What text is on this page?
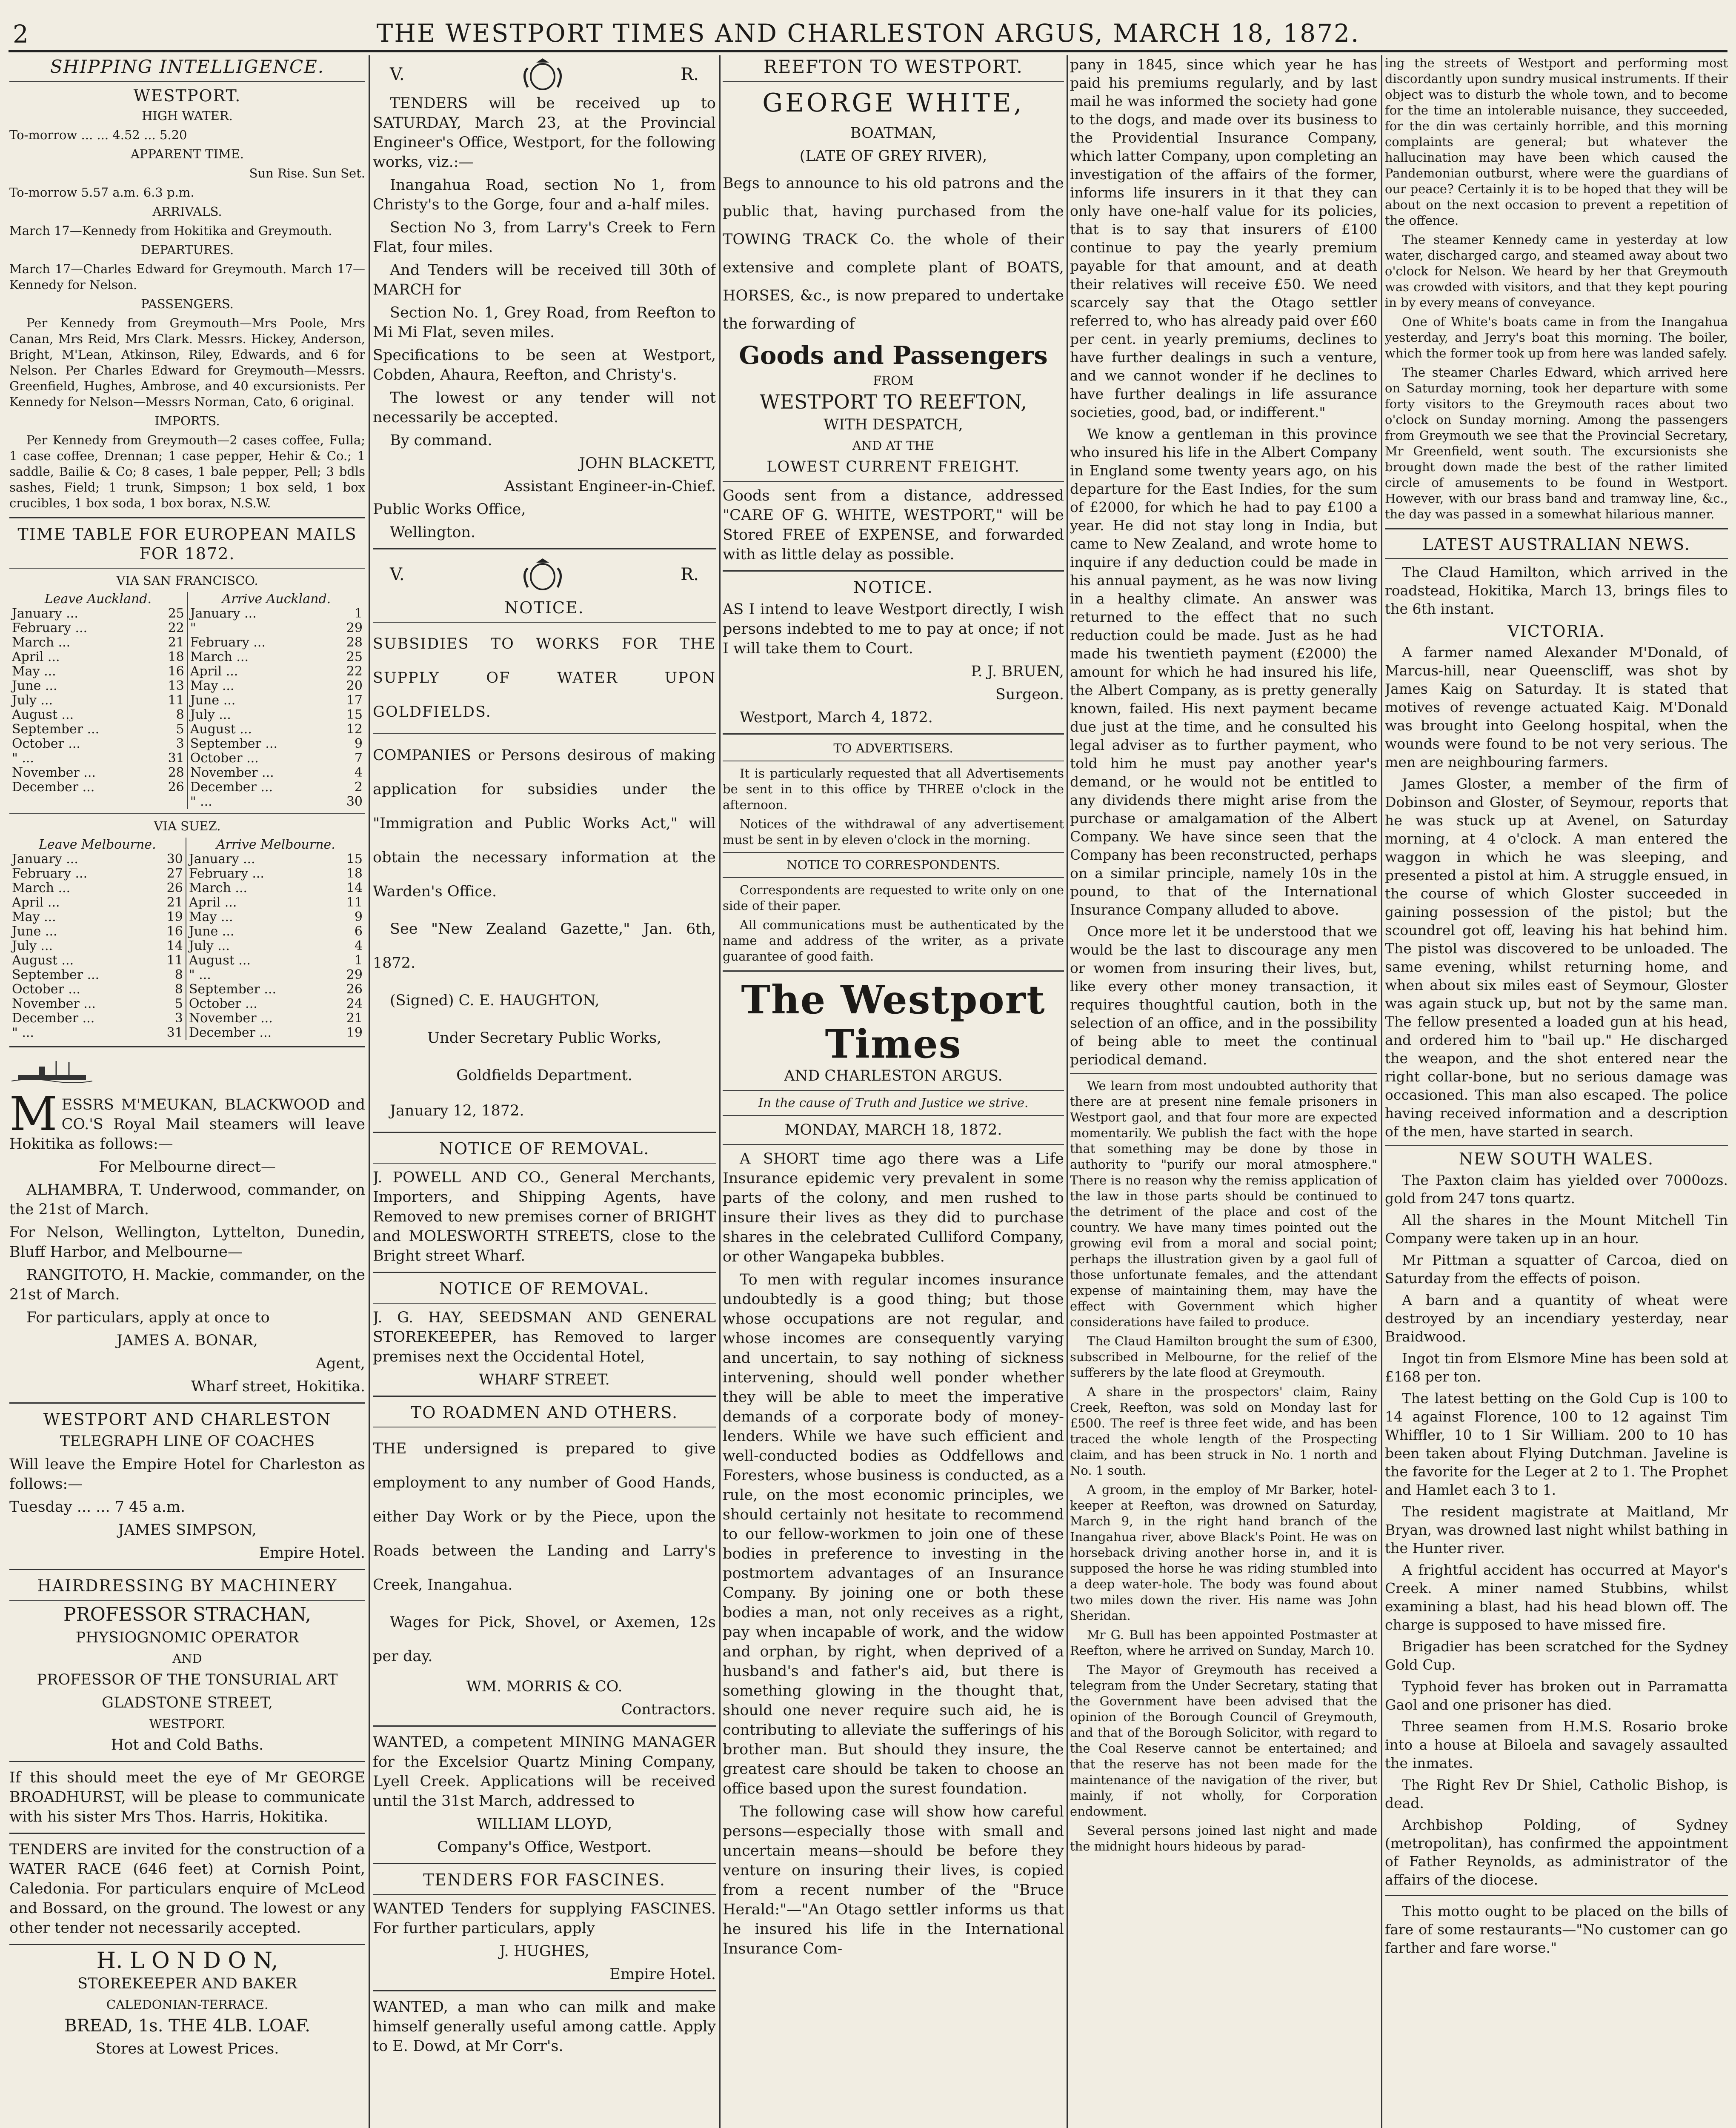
2	THE WESTPORT TIMES AND CHARLESTON ARGUS, MARCH 18, 1872.
SHIPPING INTELLIGENCE.
WESTPORT.

HIGH WATER.

To-morrow ... ... 4.52 ... 5.20

APPARENT TIME.

Sun Rise. Sun Set.

To-morrow 5.57 a.m. 6.3 p.m.

ARRIVALS.

March 17—Kennedy from Hokitika and Greymouth.

DEPARTURES.

March 17—Charles Edward for Greymouth. March 17—Kennedy for Nelson.

PASSENGERS.

Per Kennedy from Greymouth—Mrs Poole, Mrs Canan, Mrs Reid, Mrs Clark. Messrs. Hickey, Anderson, Bright, M'Lean, Atkinson, Riley, Edwards, and 6 for Nelson. Per Charles Edward for Greymouth—Messrs. Greenfield, Hughes, Ambrose, and 40 excursionists. Per Kennedy for Nelson—Messrs Norman, Cato, 6 original.

IMPORTS.

Per Kennedy from Greymouth—2 cases coffee, Fulla; 1 case coffee, Drennan; 1 case pepper, Hehir & Co.; 1 saddle, Bailie & Co; 8 cases, 1 bale pepper, Pell; 3 bdls sashes, Field; 1 trunk, Simpson; 1 box seld, 1 box crucibles, 1 box soda, 1 box borax, N.S.W.

TIME TABLE FOR EUROPEAN MAILS FOR 1872.

VIA SAN FRANCISCO.

Leave Auckland.		Arrive Auckland.	
January ...	25	January ...	1
February ...	22	"	29
March ...	21	February ...	28
April ...	18	March ...	25
May ...	16	April ...	22
June ...	13	May ...	20
July ...	11	June ...	17
August ...	8	July ...	15
September ...	5	August ...	12
October ...	3	September ...	9
" ...	31	October ...	7
November ...	28	November ...	4
December ...	26	December ...	2
		" ...	30

VIA SUEZ.

Leave Melbourne.		Arrive Melbourne.	
January ...	30	January ...	15
February ...	27	February ...	18
March ...	26	March ...	14
April ...	21	April ...	11
May ...	19	May ...	9
June ...	16	June ...	6
July ...	14	July ...	4
August ...	11	August ...	1
September ...	8	" ...	29
October ...	8	September ...	26
November ...	5	October ...	24
December ...	3	November ...	21
" ...	31	December ...	19

MESSRS M'MEUKAN, BLACKWOOD and CO.'S Royal Mail steamers will leave Hokitika as follows:—

For Melbourne direct—

ALHAMBRA, T. Underwood, commander, on the 21st of March.

For Nelson, Wellington, Lyttelton, Dunedin, Bluff Harbor, and Melbourne—

RANGITOTO, H. Mackie, commander, on the 21st of March.

For particulars, apply at once to

JAMES A. BONAR,

Agent,

Wharf street, Hokitika.

WESTPORT AND CHARLESTON

TELEGRAPH LINE OF COACHES

Will leave the Empire Hotel for Charleston as follows:—

Tuesday ... ... 7 45 a.m.

JAMES SIMPSON,

Empire Hotel.

HAIRDRESSING BY MACHINERY

PROFESSOR STRACHAN,

PHYSIOGNOMIC OPERATOR

AND

PROFESSOR OF THE TONSURIAL ART

GLADSTONE STREET,

WESTPORT.

Hot and Cold Baths.

If this should meet the eye of Mr GEORGE BROADHURST, will be please to communicate with his sister Mrs Thos. Harris, Hokitika.

TENDERS are invited for the construction of a WATER RACE (646 feet) at Cornish Point, Caledonia. For particulars enquire of McLeod and Bossard, on the ground. The lowest or any other tender not necessarily accepted.

H. L O N D O N,

STOREKEEPER AND BAKER

CALEDONIAN-TERRACE.

BREAD, 1s. THE 4LB. LOAF.

Stores at Lowest Prices.

V.	R.

TENDERS will be received up to SATURDAY, March 23, at the Provincial Engineer's Office, Westport, for the following works, viz.:—

Inangahua Road, section No 1, from Christy's to the Gorge, four and a-half miles.

Section No 3, from Larry's Creek to Fern Flat, four miles.

And Tenders will be received till 30th of MARCH for

Section No. 1, Grey Road, from Reefton to Mi Mi Flat, seven miles.

Specifications to be seen at Westport, Cobden, Ahaura, Reefton, and Christy's.

The lowest or any tender will not necessarily be accepted.

By command.

JOHN BLACKETT,

Assistant Engineer-in-Chief.

Public Works Office,

Wellington.

V.	R.
NOTICE.

SUBSIDIES TO WORKS FOR THE SUPPLY OF WATER UPON GOLDFIELDS.

COMPANIES or Persons desirous of making application for subsidies under the "Immigration and Public Works Act," will obtain the necessary information at the Warden's Office.

See "New Zealand Gazette," Jan. 6th, 1872.

(Signed) C. E. HAUGHTON,

Under Secretary Public Works,

Goldfields Department.

January 12, 1872.

NOTICE OF REMOVAL.

J. POWELL AND CO., General Merchants, Importers, and Shipping Agents, have Removed to new premises corner of BRIGHT and MOLESWORTH STREETS, close to the Bright street Wharf.

NOTICE OF REMOVAL.

J. G. HAY, SEEDSMAN AND GENERAL STOREKEEPER, has Removed to larger premises next the Occidental Hotel,

WHARF STREET.

TO ROADMEN AND OTHERS.

THE undersigned is prepared to give employment to any number of Good Hands, either Day Work or by the Piece, upon the Roads between the Landing and Larry's Creek, Inangahua.

Wages for Pick, Shovel, or Axemen, 12s per day.

WM. MORRIS & CO.

Contractors.

WANTED, a competent MINING MANAGER for the Excelsior Quartz Mining Company, Lyell Creek. Applications will be received until the 31st March, addressed to

WILLIAM LLOYD,

Company's Office, Westport.

TENDERS FOR FASCINES.

WANTED Tenders for supplying FASCINES. For further particulars, apply

J. HUGHES,

Empire Hotel.

WANTED, a man who can milk and make himself generally useful among cattle. Apply to E. Dowd, at Mr Corr's.

REEFTON TO WESTPORT.

GEORGE WHITE,

BOATMAN,

(LATE OF GREY RIVER),

Begs to announce to his old patrons and the public that, having purchased from the TOWING TRACK Co. the whole of their extensive and complete plant of BOATS, HORSES, &c., is now prepared to undertake the forwarding of

Goods and Passengers

FROM

WESTPORT TO REEFTON,

WITH DESPATCH,

AND AT THE

LOWEST CURRENT FREIGHT.

Goods sent from a distance, addressed "CARE OF G. WHITE, WESTPORT," will be Stored FREE of EXPENSE, and forwarded with as little delay as possible.

NOTICE.

AS I intend to leave Westport directly, I wish persons indebted to me to pay at once; if not I will take them to Court.

P. J. BRUEN,

Surgeon.

Westport, March 4, 1872.

TO ADVERTISERS.

It is particularly requested that all Advertisements be sent in to this office by THREE o'clock in the afternoon.

Notices of the withdrawal of any advertisement must be sent in by eleven o'clock in the morning.

NOTICE TO CORRESPONDENTS.

Correspondents are requested to write only on one side of their paper.

All communications must be authenticated by the name and address of the writer, as a private guarantee of good faith.

The Westport Times

AND CHARLESTON ARGUS.

In the cause of Truth and Justice we strive.

MONDAY, MARCH 18, 1872.

A SHORT time ago there was a Life Insurance epidemic very prevalent in some parts of the colony, and men rushed to insure their lives as they did to purchase shares in the celebrated Culliford Company, or other Wangapeka bubbles.

To men with regular incomes insurance undoubtedly is a good thing; but those whose occupations are not regular, and whose incomes are consequently varying and uncertain, to say nothing of sickness intervening, should well ponder whether they will be able to meet the imperative demands of a corporate body of money-lenders. While we have such efficient and well-conducted bodies as Oddfellows and Foresters, whose business is conducted, as a rule, on the most economic principles, we should certainly not hesitate to recommend to our fellow-workmen to join one of these bodies in preference to investing in the postmortem advantages of an Insurance Company. By joining one or both these bodies a man, not only receives as a right, pay when incapable of work, and the widow and orphan, by right, when deprived of a husband's and father's aid, but there is something glowing in the thought that, should one never require such aid, he is contributing to alleviate the sufferings of his brother man. But should they insure, the greatest care should be taken to choose an office based upon the surest foundation.

The following case will show how careful persons—especially those with small and uncertain means—should be before they venture on insuring their lives, is copied from a recent number of the "Bruce Herald:"—"An Otago settler informs us that he insured his life in the International Insurance Com-

pany in 1845, since which year he has paid his premiums regularly, and by last mail he was informed the society had gone to the dogs, and made over its business to the Providential Insurance Company, which latter Company, upon completing an investigation of the affairs of the former, informs life insurers in it that they can only have one-half value for its policies, that is to say that insurers of £100 continue to pay the yearly premium payable for that amount, and at death their relatives will receive £50. We need scarcely say that the Otago settler referred to, who has already paid over £60 per cent. in yearly premiums, declines to have further dealings in such a venture, and we cannot wonder if he declines to have further dealings in life assurance societies, good, bad, or indifferent."

We know a gentleman in this province who insured his life in the Albert Company in England some twenty years ago, on his departure for the East Indies, for the sum of £2000, for which he had to pay £100 a year. He did not stay long in India, but came to New Zealand, and wrote home to inquire if any deduction could be made in his annual payment, as he was now living in a healthy climate. An answer was returned to the effect that no such reduction could be made. Just as he had made his twentieth payment (£2000) the amount for which he had insured his life, the Albert Company, as is pretty generally known, failed. His next payment became due just at the time, and he consulted his legal adviser as to further payment, who told him he must pay another year's demand, or he would not be entitled to any dividends there might arise from the purchase or amalgamation of the Albert Company. We have since seen that the Company has been reconstructed, perhaps on a similar principle, namely 10s in the pound, to that of the International Insurance Company alluded to above.

Once more let it be understood that we would be the last to discourage any men or women from insuring their lives, but, like every other money transaction, it requires thoughtful caution, both in the selection of an office, and in the possibility of being able to meet the continual periodical demand.

We learn from most undoubted authority that there are at present nine female prisoners in Westport gaol, and that four more are expected momentarily. We publish the fact with the hope that something may be done by those in authority to "purify our moral atmosphere." There is no reason why the remiss application of the law in those parts should be continued to the detriment of the place and cost of the country. We have many times pointed out the growing evil from a moral and social point; perhaps the illustration given by a gaol full of those unfortunate females, and the attendant expense of maintaining them, may have the effect with Government which higher considerations have failed to produce.

The Claud Hamilton brought the sum of £300, subscribed in Melbourne, for the relief of the sufferers by the late flood at Greymouth.

A share in the prospectors' claim, Rainy Creek, Reefton, was sold on Monday last for £500. The reef is three feet wide, and has been traced the whole length of the Prospecting claim, and has been struck in No. 1 north and No. 1 south.

A groom, in the employ of Mr Barker, hotel-keeper at Reefton, was drowned on Saturday, March 9, in the right hand branch of the Inangahua river, above Black's Point. He was on horseback driving another horse in, and it is supposed the horse he was riding stumbled into a deep water-hole. The body was found about two miles down the river. His name was John Sheridan.

Mr G. Bull has been appointed Postmaster at Reefton, where he arrived on Sunday, March 10.

The Mayor of Greymouth has received a telegram from the Under Secretary, stating that the Government have been advised that the opinion of the Borough Council of Greymouth, and that of the Borough Solicitor, with regard to the Coal Reserve cannot be entertained; and that the reserve has not been made for the maintenance of the navigation of the river, but mainly, if not wholly, for Corporation endowment.

Several persons joined last night and made the midnight hours hideous by parad-

ing the streets of Westport and performing most discordantly upon sundry musical instruments. If their object was to disturb the whole town, and to become for the time an intolerable nuisance, they succeeded, for the din was certainly horrible, and this morning complaints are general; but whatever the hallucination may have been which caused the Pandemonian outburst, where were the guardians of our peace? Certainly it is to be hoped that they will be about on the next occasion to prevent a repetition of the offence.

The steamer Kennedy came in yesterday at low water, discharged cargo, and steamed away about two o'clock for Nelson. We heard by her that Greymouth was crowded with visitors, and that they kept pouring in by every means of conveyance.

One of White's boats came in from the Inangahua yesterday, and Jerry's boat this morning. The boiler, which the former took up from here was landed safely.

The steamer Charles Edward, which arrived here on Saturday morning, took her departure with some forty visitors to the Greymouth races about two o'clock on Sunday morning. Among the passengers from Greymouth we see that the Provincial Secretary, Mr Greenfield, went south. The excursionists she brought down made the best of the rather limited circle of amusements to be found in Westport. However, with our brass band and tramway line, &c., the day was passed in a somewhat hilarious manner.

LATEST AUSTRALIAN NEWS.

The Claud Hamilton, which arrived in the roadstead, Hokitika, March 13, brings files to the 6th instant.

VICTORIA.

A farmer named Alexander M'Donald, of Marcus-hill, near Queenscliff, was shot by James Kaig on Saturday. It is stated that motives of revenge actuated Kaig. M'Donald was brought into Geelong hospital, when the wounds were found to be not very serious. The men are neighbouring farmers.

James Gloster, a member of the firm of Dobinson and Gloster, of Seymour, reports that he was stuck up at Avenel, on Saturday morning, at 4 o'clock. A man entered the waggon in which he was sleeping, and presented a pistol at him. A struggle ensued, in the course of which Gloster succeeded in gaining possession of the pistol; but the scoundrel got off, leaving his hat behind him. The pistol was discovered to be unloaded. The same evening, whilst returning home, and when about six miles east of Seymour, Gloster was again stuck up, but not by the same man. The fellow presented a loaded gun at his head, and ordered him to "bail up." He discharged the weapon, and the shot entered near the right collar-bone, but no serious damage was occasioned. This man also escaped. The police having received information and a description of the men, have started in search.

NEW SOUTH WALES.

The Paxton claim has yielded over 7000ozs. gold from 247 tons quartz.

All the shares in the Mount Mitchell Tin Company were taken up in an hour.

Mr Pittman a squatter of Carcoa, died on Saturday from the effects of poison.

A barn and a quantity of wheat were destroyed by an incendiary yesterday, near Braidwood.

Ingot tin from Elsmore Mine has been sold at £168 per ton.

The latest betting on the Gold Cup is 100 to 14 against Florence, 100 to 12 against Tim Whiffler, 10 to 1 Sir William. 200 to 10 has been taken about Flying Dutchman. Javeline is the favorite for the Leger at 2 to 1. The Prophet and Hamlet each 3 to 1.

The resident magistrate at Maitland, Mr Bryan, was drowned last night whilst bathing in the Hunter river.

A frightful accident has occurred at Mayor's Creek. A miner named Stubbins, whilst examining a blast, had his head blown off. The charge is supposed to have missed fire.

Brigadier has been scratched for the Sydney Gold Cup.

Typhoid fever has broken out in Parramatta Gaol and one prisoner has died.

Three seamen from H.M.S. Rosario broke into a house at Biloela and savagely assaulted the inmates.

The Right Rev Dr Shiel, Catholic Bishop, is dead.

Archbishop Polding, of Sydney (metropolitan), has confirmed the appointment of Father Reynolds, as administrator of the affairs of the diocese.

This motto ought to be placed on the bills of fare of some restaurants—"No customer can go farther and fare worse."
